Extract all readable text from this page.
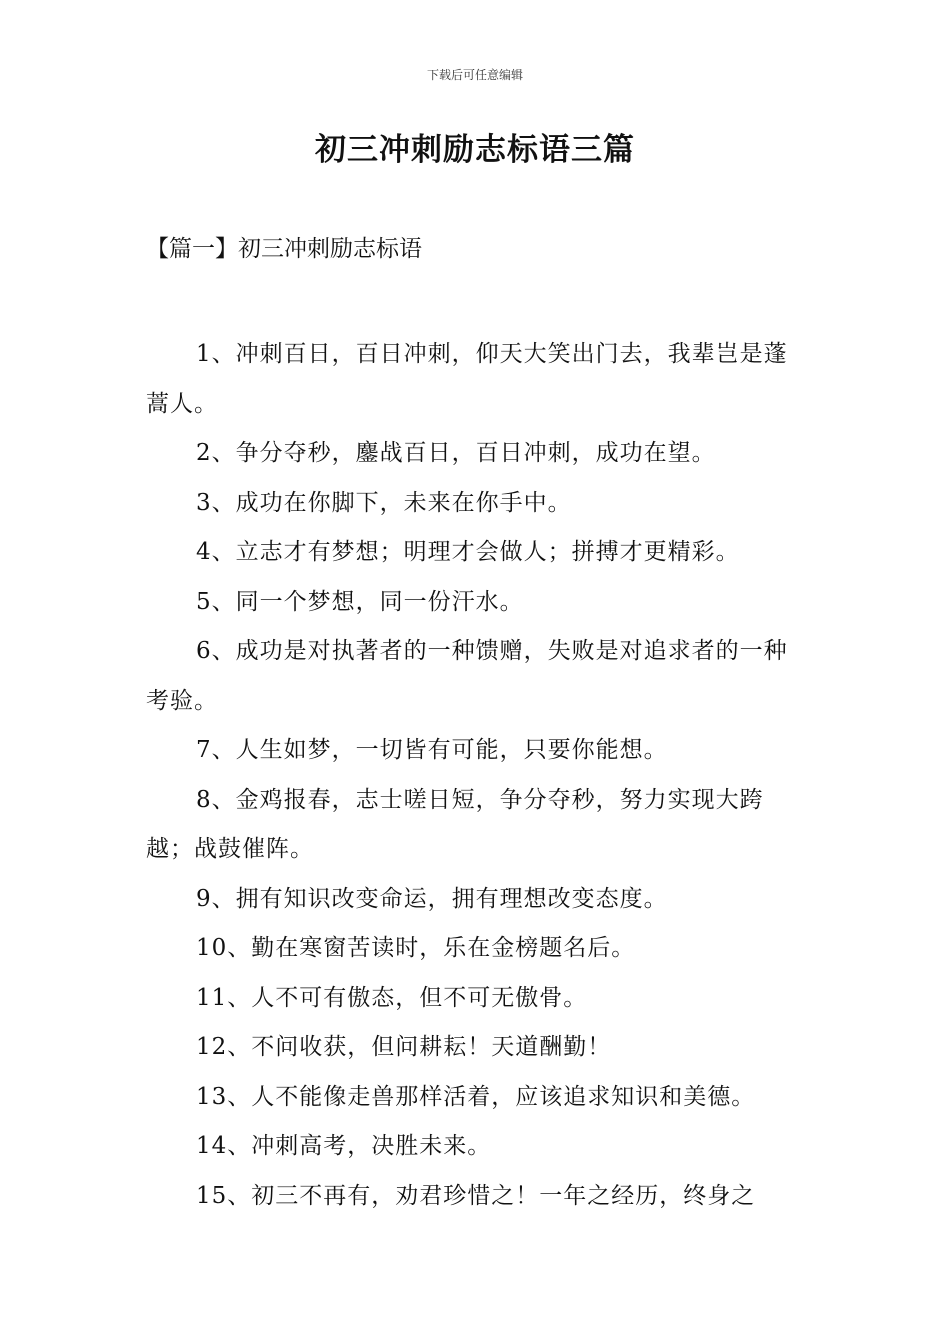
下载后可任意编辑
初三冲刺励志标语三篇
【篇一】初三冲刺励志标语

1、冲刺百日，百日冲刺，仰天大笑出门去，我辈岂是蓬蒿人。

2、争分夺秒，鏖战百日，百日冲刺，成功在望。

3、成功在你脚下，未来在你手中。

4、立志才有梦想；明理才会做人；拼搏才更精彩。

5、同一个梦想，同一份汗水。

6、成功是对执著者的一种馈赠，失败是对追求者的一种考验。

7、人生如梦，一切皆有可能，只要你能想。

8、金鸡报春，志士嗟日短，争分夺秒，努力实现大跨越；战鼓催阵。

9、拥有知识改变命运，拥有理想改变态度。

10、勤在寒窗苦读时，乐在金榜题名后。

11、人不可有傲态，但不可无傲骨。

12、不问收获，但问耕耘！天道酬勤！

13、人不能像走兽那样活着，应该追求知识和美德。

14、冲刺高考，决胜未来。

15、初三不再有，劝君珍惜之！一年之经历，终身之
